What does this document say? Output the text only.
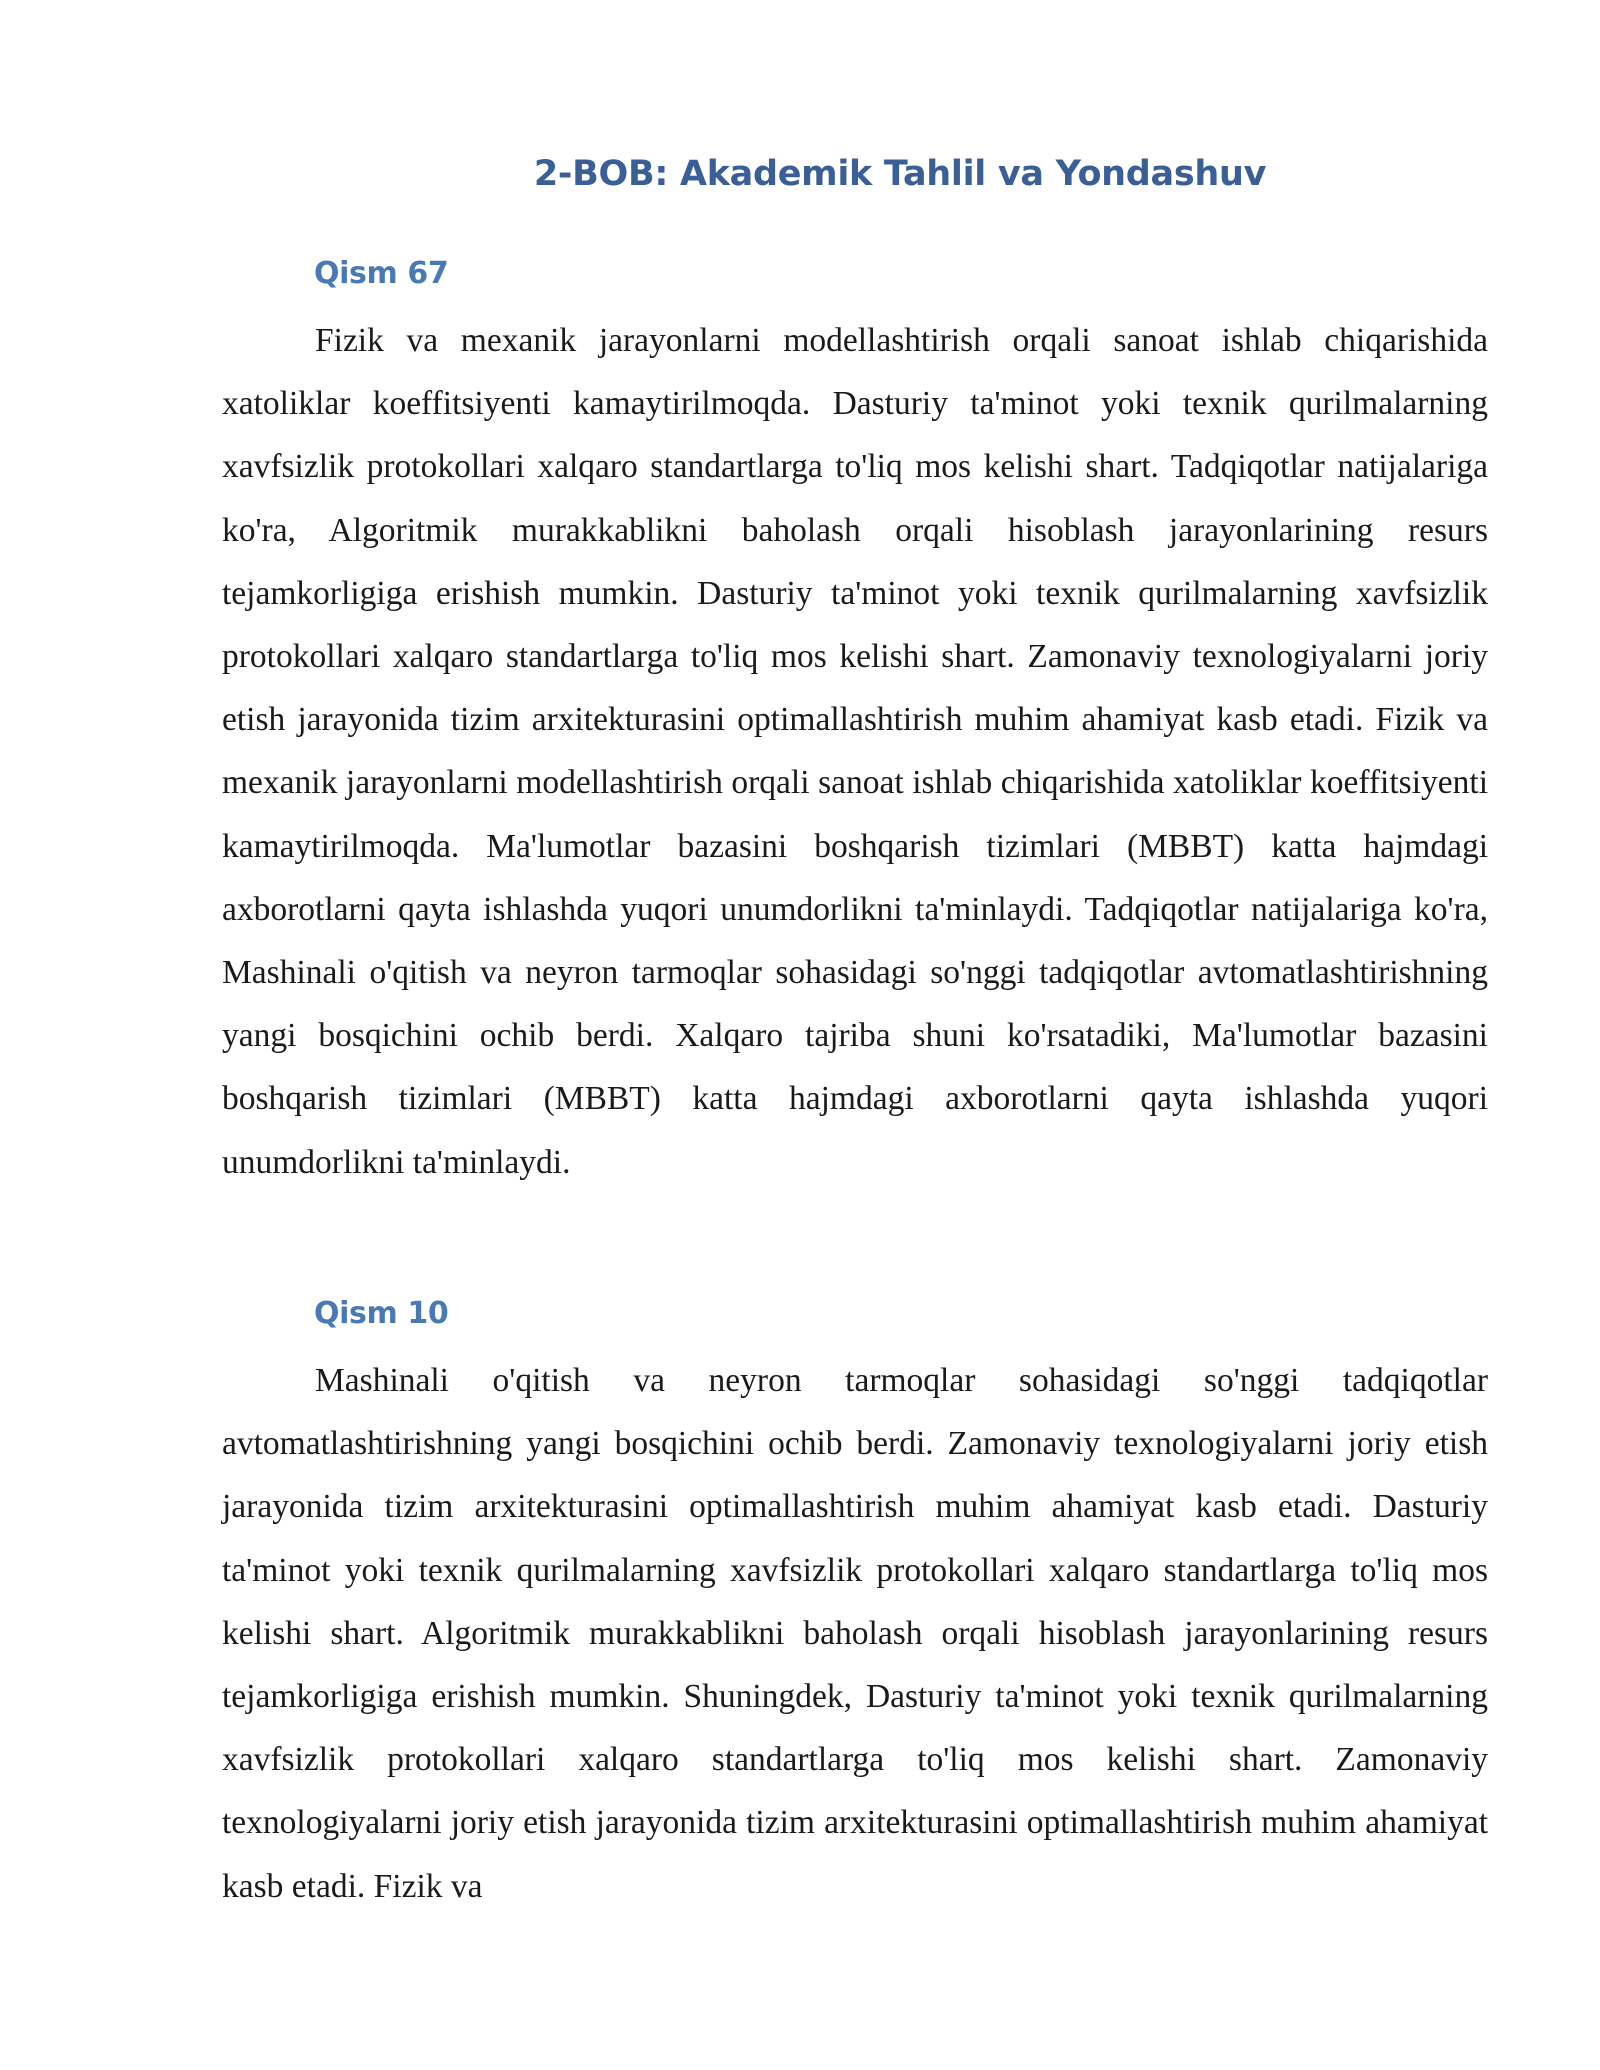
2-BOB: Akademik Tahlil va Yondashuv
Qism 67

Fizik va mexanik jarayonlarni modellashtirish orqali sanoat ishlab chiqarishida xatoliklar koeffitsiyenti kamaytirilmoqda. Dasturiy ta'minot yoki texnik qurilmalarning xavfsizlik protokollari xalqaro standartlarga to'liq mos kelishi shart. Tadqiqotlar natijalariga ko'ra, Algoritmik murakkablikni baholash orqali hisoblash jarayonlarining resurs tejamkorligiga erishish mumkin. Dasturiy ta'minot yoki texnik qurilmalarning xavfsizlik protokollari xalqaro standartlarga to'liq mos kelishi shart. Zamonaviy texnologiyalarni joriy etish jarayonida tizim arxitekturasini optimallashtirish muhim ahamiyat kasb etadi. Fizik va mexanik jarayonlarni modellashtirish orqali sanoat ishlab chiqarishida xatoliklar koeffitsiyenti kamaytirilmoqda. Ma'lumotlar bazasini boshqarish tizimlari (MBBT) katta hajmdagi axborotlarni qayta ishlashda yuqori unumdorlikni ta'minlaydi. Tadqiqotlar natijalariga ko'ra, Mashinali o'qitish va neyron tarmoqlar sohasidagi so'nggi tadqiqotlar avtomatlashtirishning yangi bosqichini ochib berdi. Xalqaro tajriba shuni ko'rsatadiki, Ma'lumotlar bazasini boshqarish tizimlari (MBBT) katta hajmdagi axborotlarni qayta ishlashda yuqori unumdorlikni ta'minlaydi.

Qism 10

Mashinali o'qitish va neyron tarmoqlar sohasidagi so'nggi tadqiqotlar avtomatlashtirishning yangi bosqichini ochib berdi. Zamonaviy texnologiyalarni joriy etish jarayonida tizim arxitekturasini optimallashtirish muhim ahamiyat kasb etadi. Dasturiy ta'minot yoki texnik qurilmalarning xavfsizlik protokollari xalqaro standartlarga to'liq mos kelishi shart. Algoritmik murakkablikni baholash orqali hisoblash jarayonlarining resurs tejamkorligiga erishish mumkin. Shuningdek, Dasturiy ta'minot yoki texnik qurilmalarning xavfsizlik protokollari xalqaro standartlarga to'liq mos kelishi shart. Zamonaviy texnologiyalarni joriy etish jarayonida tizim arxitekturasini optimallashtirish muhim ahamiyat kasb etadi. Fizik va
